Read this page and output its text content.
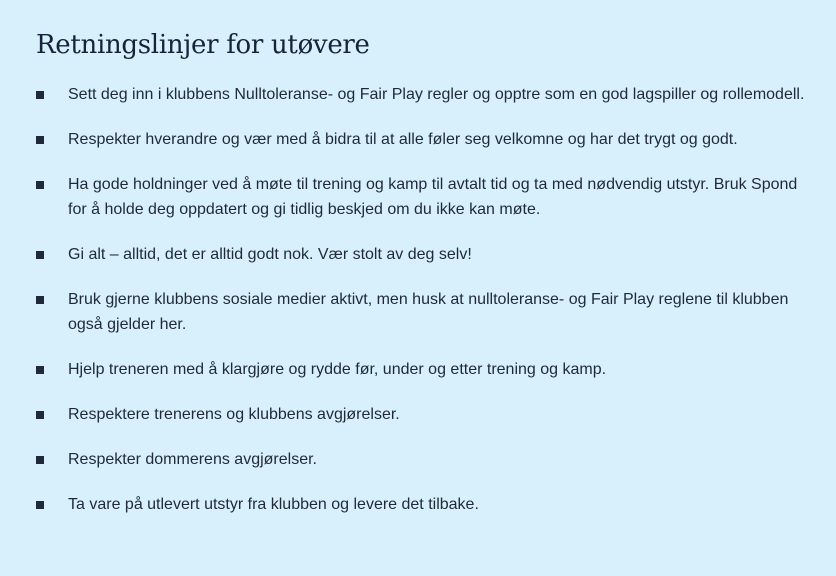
Retningslinjer for utøvere
Sett deg inn i klubbens Nulltoleranse- og Fair Play regler og opptre som en god lagspiller og rollemodell.
Respekter hverandre og vær med å bidra til at alle føler seg velkomne og har det trygt og godt.
Ha gode holdninger ved å møte til trening og kamp til avtalt tid og ta med nødvendig utstyr. Bruk Spond for å holde deg oppdatert og gi tidlig beskjed om du ikke kan møte.
Gi alt – alltid, det er alltid godt nok. Vær stolt av deg selv!
Bruk gjerne klubbens sosiale medier aktivt, men husk at nulltoleranse- og Fair Play reglene til klubben også gjelder her.
Hjelp treneren med å klargjøre og rydde før, under og etter trening og kamp.
Respektere trenerens og klubbens avgjørelser.
Respekter dommerens avgjørelser.
Ta vare på utlevert utstyr fra klubben og levere det tilbake.
